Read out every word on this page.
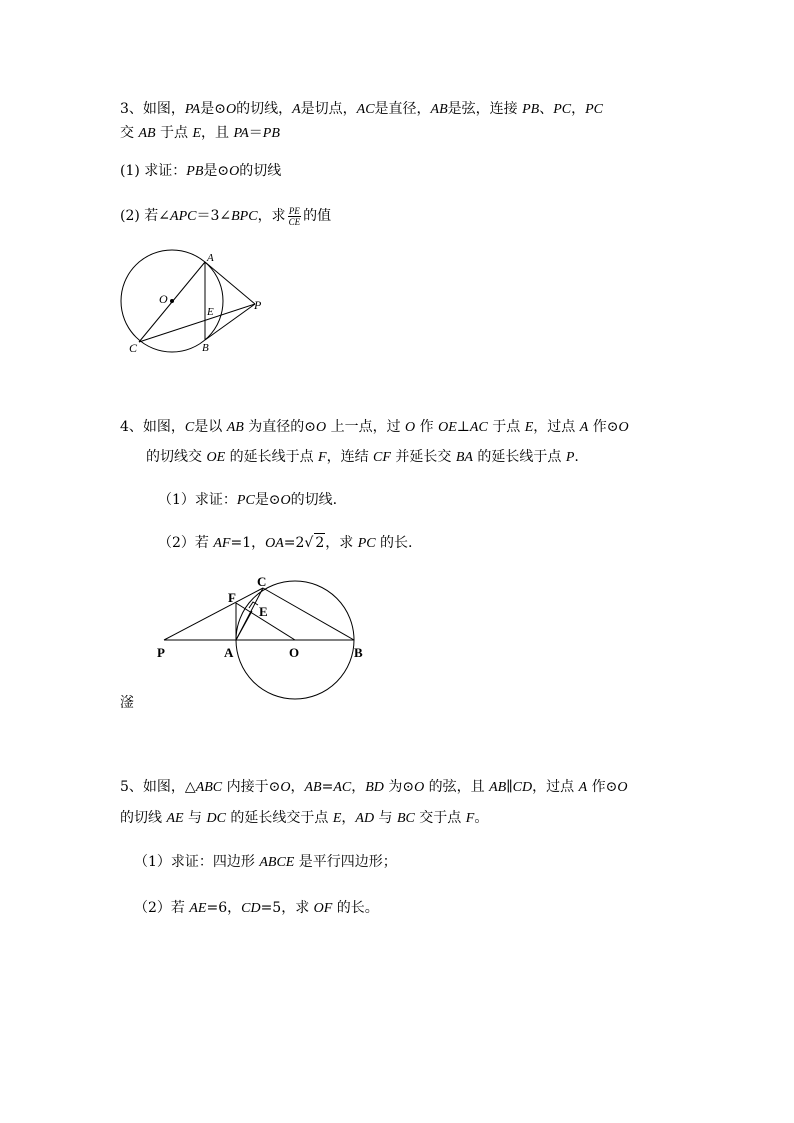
3、如图，PA是⊙O的切线，A是切点，AC是直径，AB是弦，连接 PB、PC，PC
交 AB 于点 E，且 PA＝PB
(1) 求证：PB是⊙O的切线
(2) 若∠APC＝3∠BPC，求 $\frac{PE}{CE}$ 的值
A
O
E	P
C	B
4、如图，C是以 AB 为直径的⊙O 上一点，过 O 作 OE⊥AC 于点 E，过点 A 作⊙O
的切线交 OE 的延长线于点 F，连结 CF 并延长交 BA 的延长线于点 P.
（1）求证：PC是⊙O的切线.
（2）若 AF=1，OA=2√ 2，求 PC 的长.
C
F
E
P	A	O	B
滏
5、如图，△ABC 内接于⊙O，AB=AC，BD 为⊙O 的弦，且 AB∥CD，过点 A 作⊙O
的切线 AE 与 DC 的延长线交于点 E，AD 与 BC 交于点 F。
（1）求证：四边形 ABCE 是平行四边形；
（2）若 AE=6，CD=5，求 OF 的长。
